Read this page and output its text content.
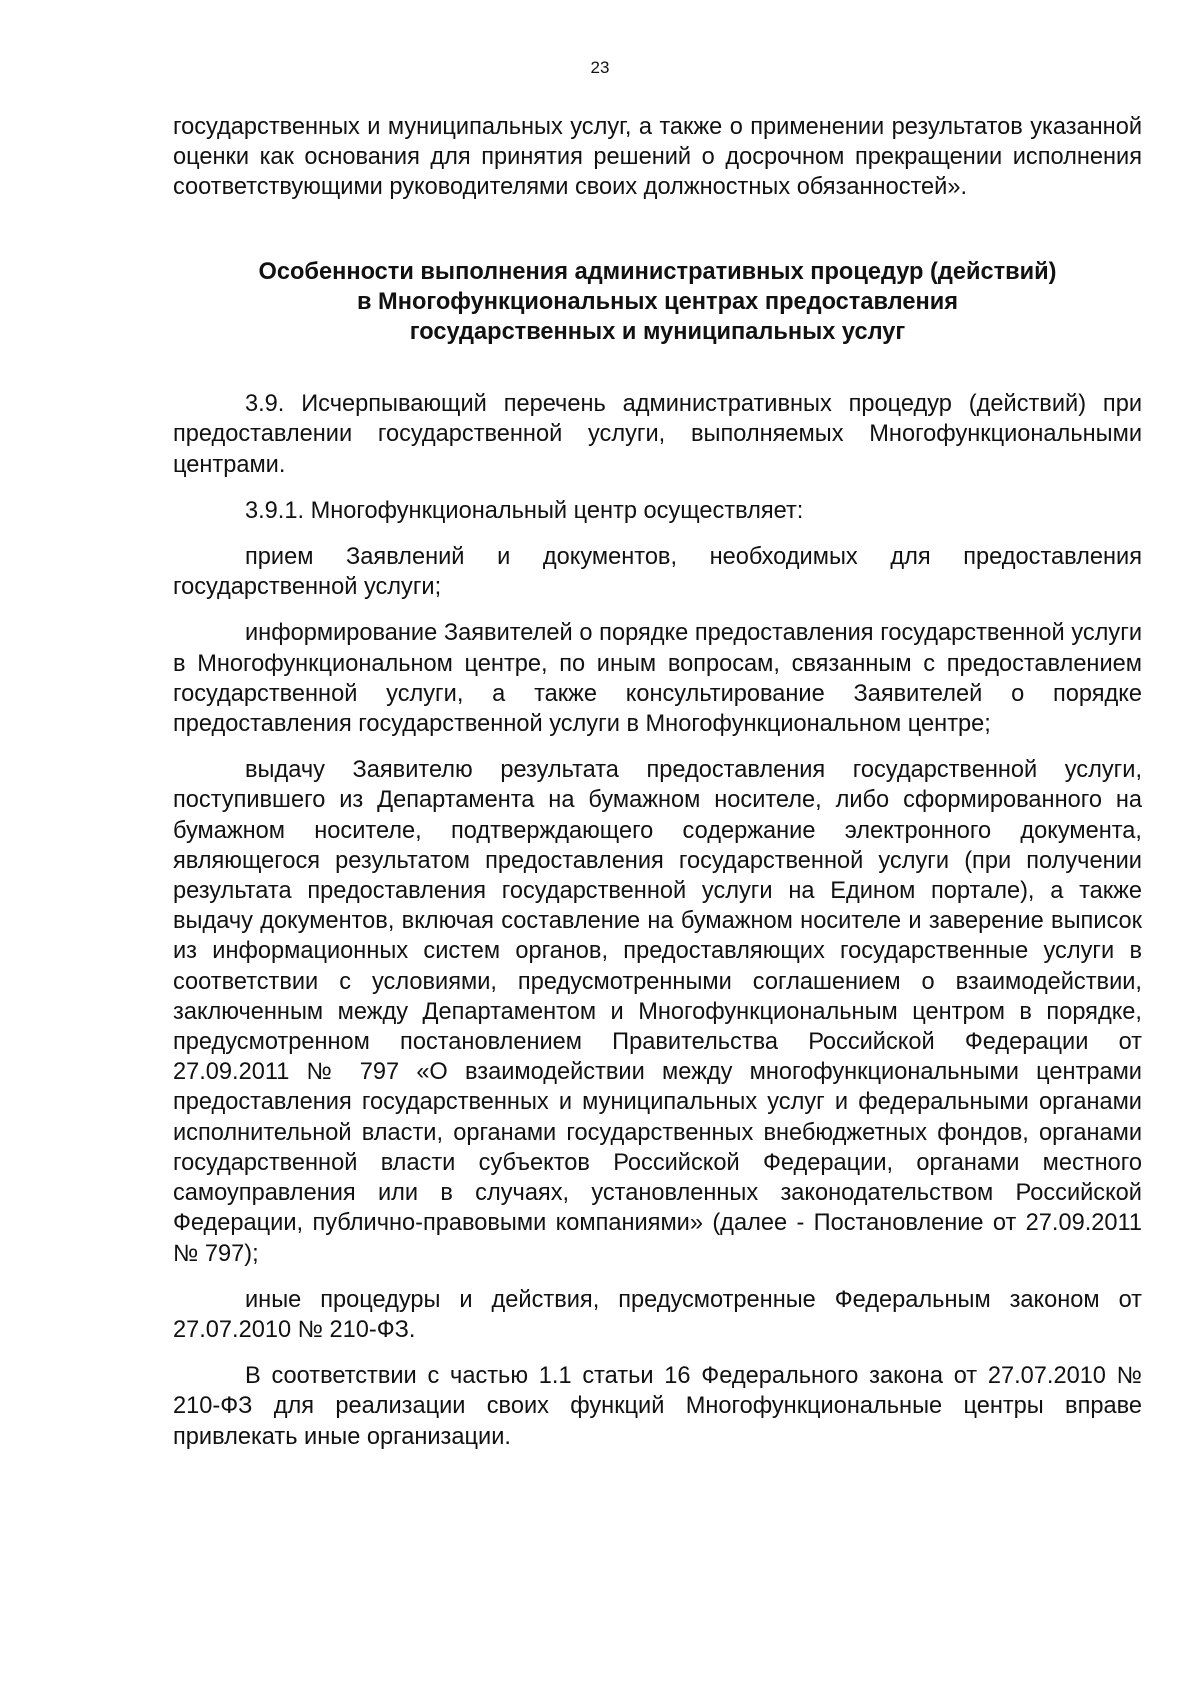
23

государственных и муниципальных услуг, а также о применении результатов указанной оценки как основания для принятия решений о досрочном прекращении исполнения соответствующими руководителями своих должностных обязанностей».

Особенности выполнения административных процедур (действий)
в Многофункциональных центрах предоставления
государственных и муниципальных услуг

3.9. Исчерпывающий перечень административных процедур (действий) при предоставлении государственной услуги, выполняемых Многофункциональными центрами.

3.9.1. Многофункциональный центр осуществляет:

прием Заявлений и документов, необходимых для предоставления государственной услуги;

информирование Заявителей о порядке предоставления государственной услуги в Многофункциональном центре, по иным вопросам, связанным с предоставлением государственной услуги, а также консультирование Заявителей о порядке предоставления государственной услуги в Многофункциональном центре;

выдачу Заявителю результата предоставления государственной услуги, поступившего из Департамента на бумажном носителе, либо сформированного на бумажном носителе, подтверждающего содержание электронного документа, являющегося результатом предоставления государственной услуги (при получении результата предоставления государственной услуги на Едином портале), а также выдачу документов, включая составление на бумажном носителе и заверение выписок из информационных систем органов, предоставляющих государственные услуги в соответствии с условиями, предусмотренными соглашением о взаимодействии, заключенным между Департаментом и Многофункциональным центром в порядке, предусмотренном постановлением Правительства Российской Федерации от 27.09.2011 № 797 «О взаимодействии между многофункциональными центрами предоставления государственных и муниципальных услуг и федеральными органами исполнительной власти, органами государственных внебюджетных фондов, органами государственной власти субъектов Российской Федерации, органами местного самоуправления или в случаях, установленных законодательством Российской Федерации, публично-правовыми компаниями» (далее - Постановление от 27.09.2011 № 797);

иные процедуры и действия, предусмотренные Федеральным законом от 27.07.2010 № 210-ФЗ.

В соответствии с частью 1.1 статьи 16 Федерального закона от 27.07.2010 № 210-ФЗ для реализации своих функций Многофункциональные центры вправе привлекать иные организации.
